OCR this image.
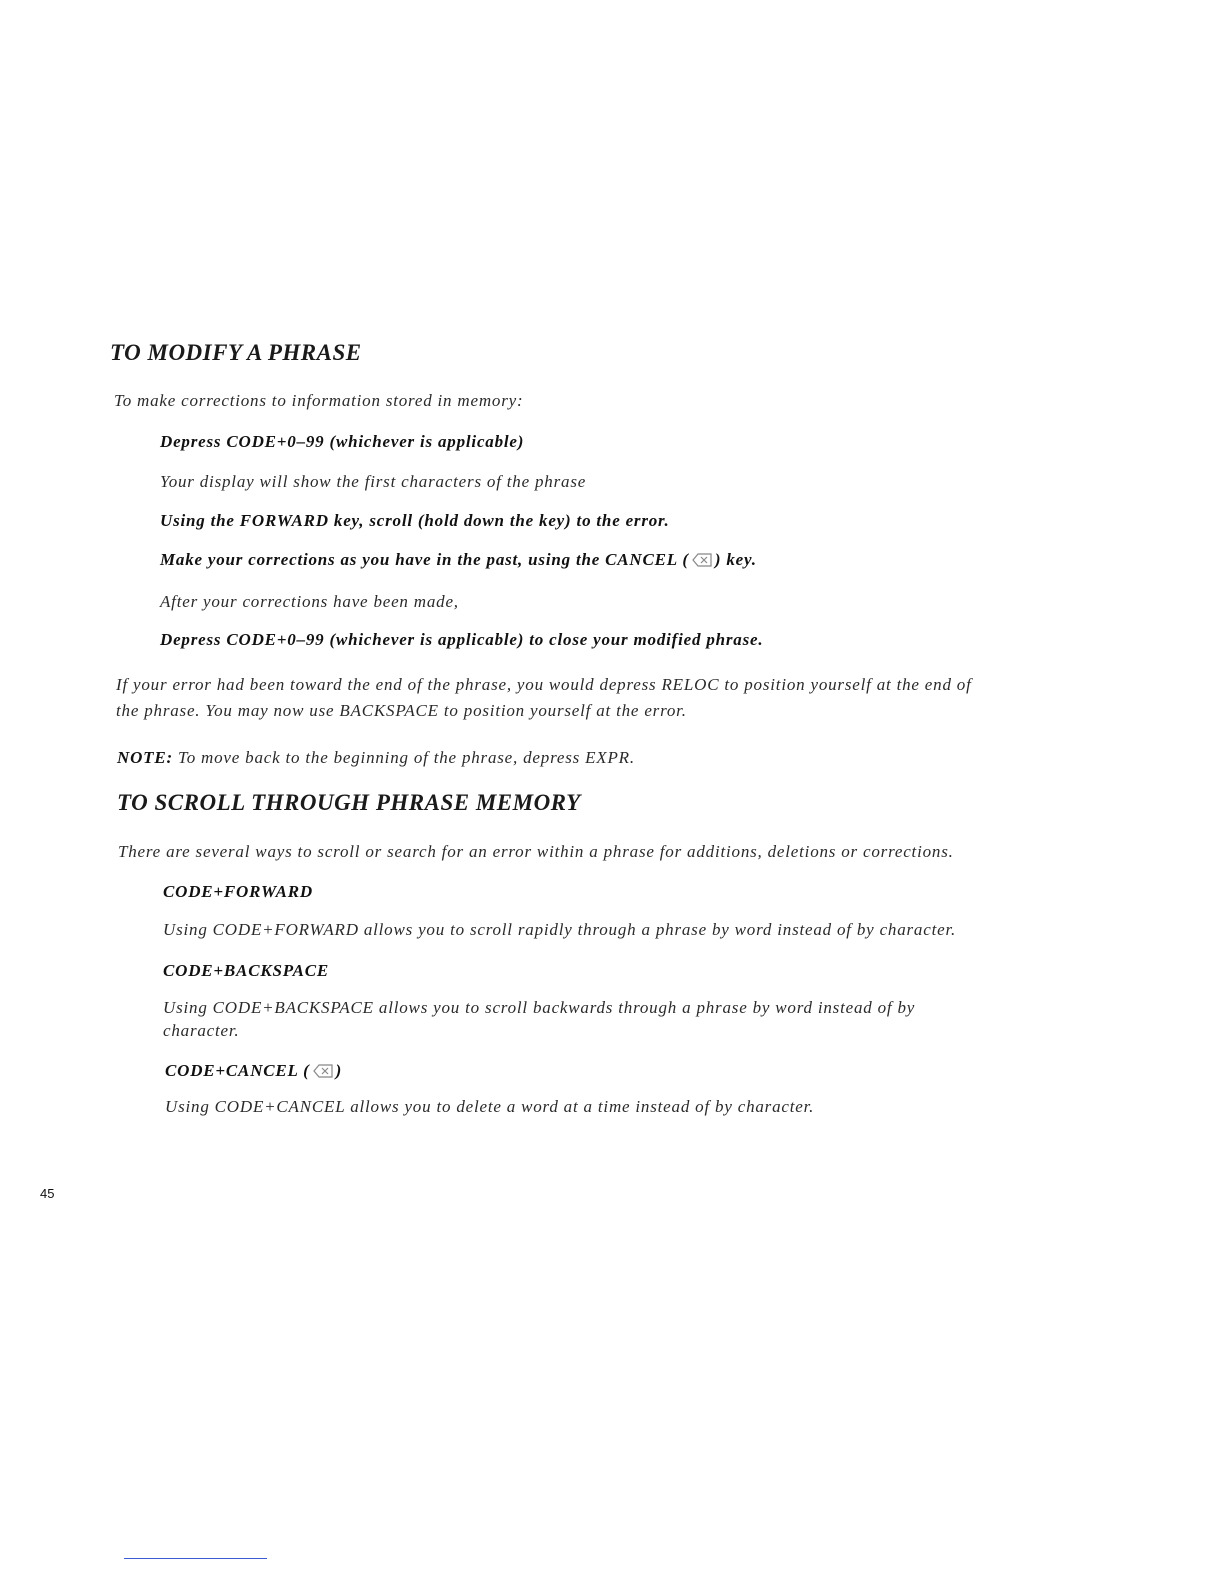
TO MODIFY A PHRASE
To make corrections to information stored in memory:
Depress CODE+0–99 (whichever is applicable)
Your display will show the first characters of the phrase
Using the FORWARD key, scroll (hold down the key) to the error.
Make your corrections as you have in the past, using the CANCEL ( ) key.
After your corrections have been made,
Depress CODE+0–99 (whichever is applicable) to close your modified phrase.
If your error had been toward the end of the phrase, you would depress RELOC to position yourself at the end of
the phrase. You may now use BACKSPACE to position yourself at the error.
NOTE: To move back to the beginning of the phrase, depress EXPR.
TO SCROLL THROUGH PHRASE MEMORY
There are several ways to scroll or search for an error within a phrase for additions, deletions or corrections.
CODE+FORWARD
Using CODE+FORWARD allows you to scroll rapidly through a phrase by word instead of by character.
CODE+BACKSPACE
Using CODE+BACKSPACE allows you to scroll backwards through a phrase by word instead of by
character.
CODE+CANCEL ( )
Using CODE+CANCEL allows you to delete a word at a time instead of by character.
45
